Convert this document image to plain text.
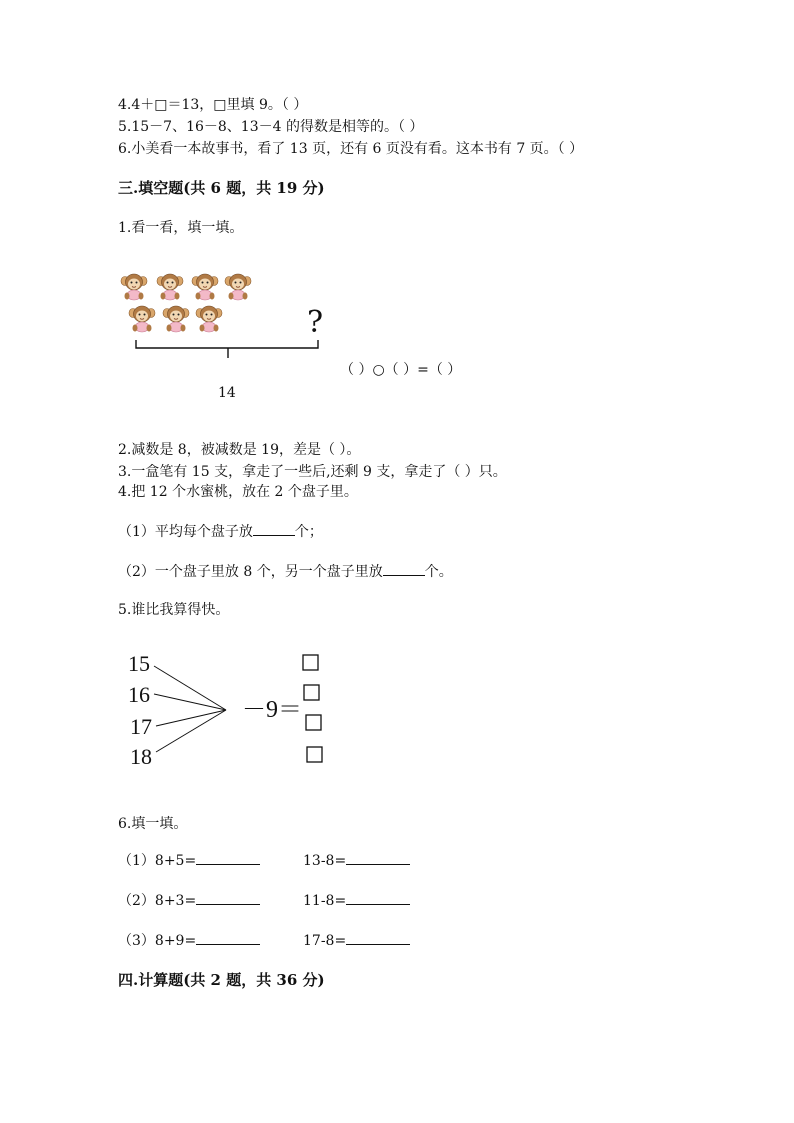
4.4＋□＝13，□里填 9。（ ）

5.15－7、16－8、13－4 的得数是相等的。（ ）

6.小美看一本故事书，看了 13 页，还有 6 页没有看。这本书有 7 页。（ ）

三.填空题(共 6 题，共 19 分)

1.看一看，填一填。

?

14

（ ）○（ ）=（ ）

2.减数是 8，被减数是 19，差是（ ）。

3.一盒笔有 15 支，拿走了一些后,还剩 9 支，拿走了（ ）只。

4.把 12 个水蜜桃，放在 2 个盘子里。

（1）平均每个盘子放	个；

（2）一个盘子里放 8 个，另一个盘子里放	个。

5.谁比我算得快。

15

16

17

18

－9＝

6.填一填。

（1）8+5=	13-8=

（2）8+3=	11-8=

（3）8+9=	17-8=

四.计算题(共 2 题，共 36 分)
